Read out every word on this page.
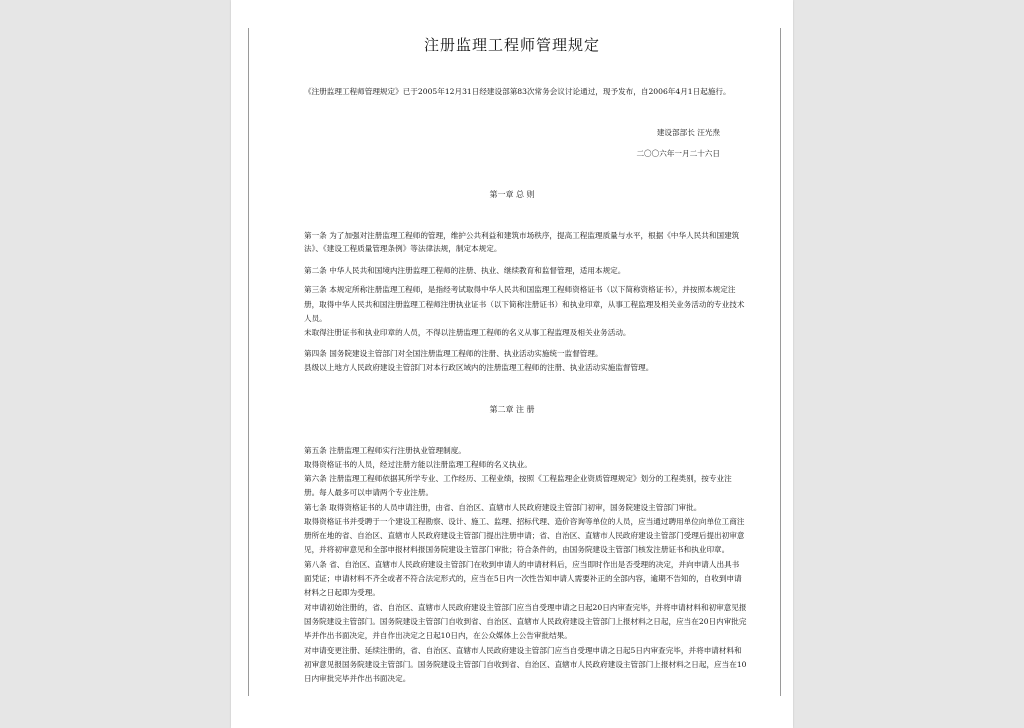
注册监理工程师管理规定
《注册监理工程师管理规定》已于2005年12月31日经建设部第83次常务会议讨论通过，现予发布，自2006年4月1日起施行。
建设部部长 汪光焘
二〇〇六年一月二十六日
第一章 总 则
第一条 为了加强对注册监理工程师的管理，维护公共利益和建筑市场秩序，提高工程监理质量与水平，根据《中华人民共和国建筑
法》、《建设工程质量管理条例》等法律法规，制定本规定。
第二条 中华人民共和国境内注册监理工程师的注册、执业、继续教育和监督管理，适用本规定。
第三条 本规定所称注册监理工程师，是指经考试取得中华人民共和国监理工程师资格证书（以下简称资格证书），并按照本规定注
册，取得中华人民共和国注册监理工程师注册执业证书（以下简称注册证书）和执业印章，从事工程监理及相关业务活动的专业技术
人员。
未取得注册证书和执业印章的人员，不得以注册监理工程师的名义从事工程监理及相关业务活动。
第四条 国务院建设主管部门对全国注册监理工程师的注册、执业活动实施统一监督管理。
县级以上地方人民政府建设主管部门对本行政区域内的注册监理工程师的注册、执业活动实施监督管理。
第二章 注 册
第五条 注册监理工程师实行注册执业管理制度。
取得资格证书的人员，经过注册方能以注册监理工程师的名义执业。
第六条 注册监理工程师依据其所学专业、工作经历、工程业绩，按照《工程监理企业资质管理规定》划分的工程类别，按专业注
册。每人最多可以申请两个专业注册。
第七条 取得资格证书的人员申请注册，由省、自治区、直辖市人民政府建设主管部门初审，国务院建设主管部门审批。
取得资格证书并受聘于一个建设工程勘察、设计、施工、监理、招标代理、造价咨询等单位的人员，应当通过聘用单位向单位工商注
册所在地的省、自治区、直辖市人民政府建设主管部门提出注册申请；省、自治区、直辖市人民政府建设主管部门受理后提出初审意
见，并将初审意见和全部申报材料报国务院建设主管部门审批；符合条件的，由国务院建设主管部门核发注册证书和执业印章。
第八条 省、自治区、直辖市人民政府建设主管部门在收到申请人的申请材料后，应当即时作出是否受理的决定，并向申请人出具书
面凭证；申请材料不齐全或者不符合法定形式的，应当在5日内一次性告知申请人需要补正的全部内容，逾期不告知的，自收到申请
材料之日起即为受理。
对申请初始注册的，省、自治区、直辖市人民政府建设主管部门应当自受理申请之日起20日内审查完毕，并将申请材料和初审意见报
国务院建设主管部门。国务院建设主管部门自收到省、自治区、直辖市人民政府建设主管部门上报材料之日起，应当在20日内审批完
毕并作出书面决定，并自作出决定之日起10日内，在公众媒体上公告审批结果。
对申请变更注册、延续注册的，省、自治区、直辖市人民政府建设主管部门应当自受理申请之日起5日内审查完毕，并将申请材料和
初审意见报国务院建设主管部门。国务院建设主管部门自收到省、自治区、直辖市人民政府建设主管部门上报材料之日起，应当在10
日内审批完毕并作出书面决定。
